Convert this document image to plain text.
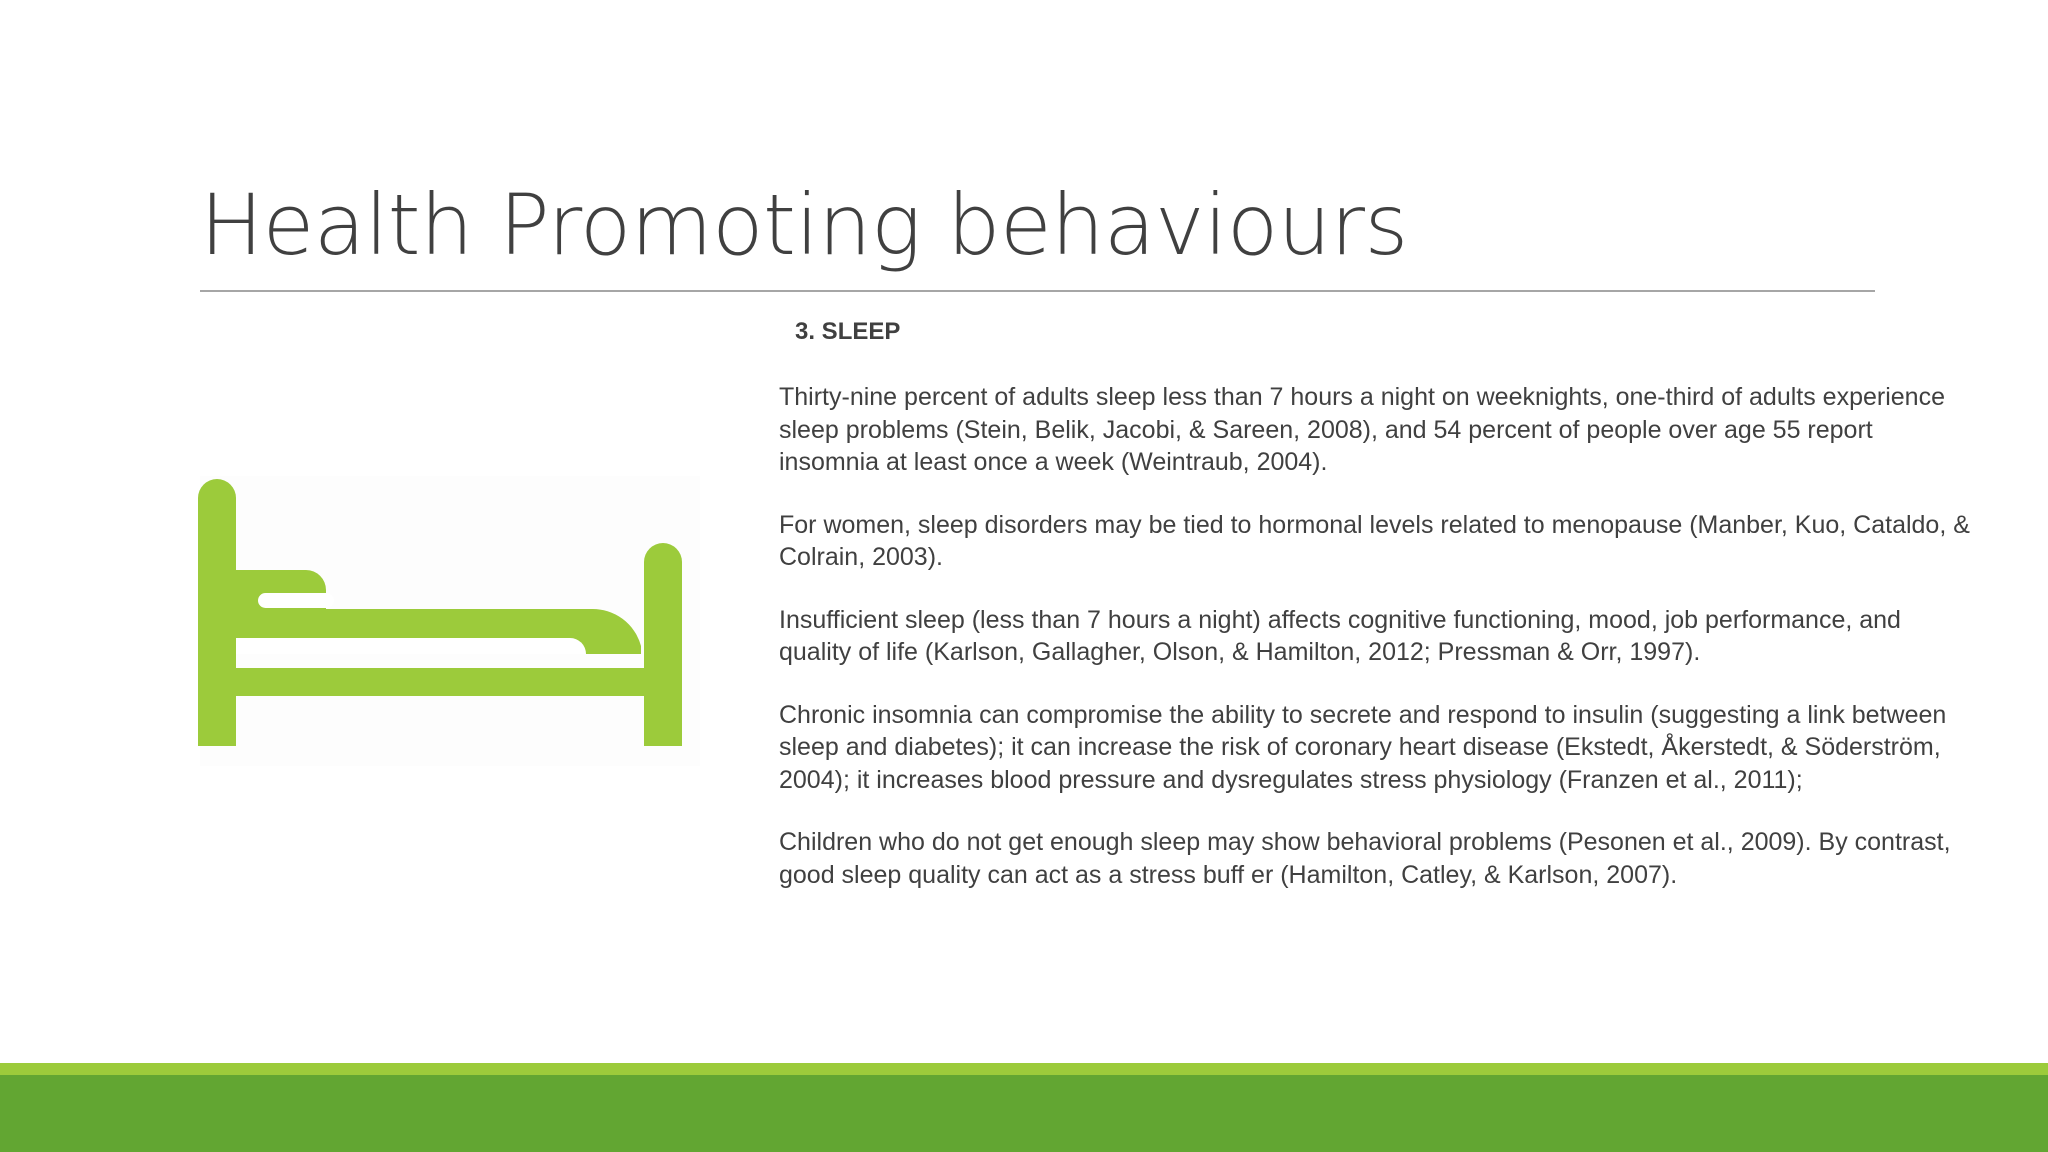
Health Promoting behaviours

3. SLEEP

Thirty-nine percent of adults sleep less than 7 hours a night on weeknights, one-third of adults experience sleep problems (Stein, Belik, Jacobi, & Sareen, 2008), and 54 percent of people over age 55 report insomnia at least once a week (Weintraub, 2004).

For women, sleep disorders may be tied to hormonal levels related to menopause (Manber, Kuo, Cataldo, & Colrain, 2003).

Insufficient sleep (less than 7 hours a night) affects cognitive functioning, mood, job performance, and quality of life (Karlson, Gallagher, Olson, & Hamilton, 2012; Pressman & Orr, 1997).

Chronic insomnia can compromise the ability to secrete and respond to insulin (suggesting a link between sleep and diabetes); it can increase the risk of coronary heart disease (Ekstedt, Åkerstedt, & Söderström, 2004); it increases blood pressure and dysregulates stress physiology (Franzen et al., 2011);

Children who do not get enough sleep may show behavioral problems (Pesonen et al., 2009). By contrast, good sleep quality can act as a stress buff er (Hamilton, Catley, & Karlson, 2007).
